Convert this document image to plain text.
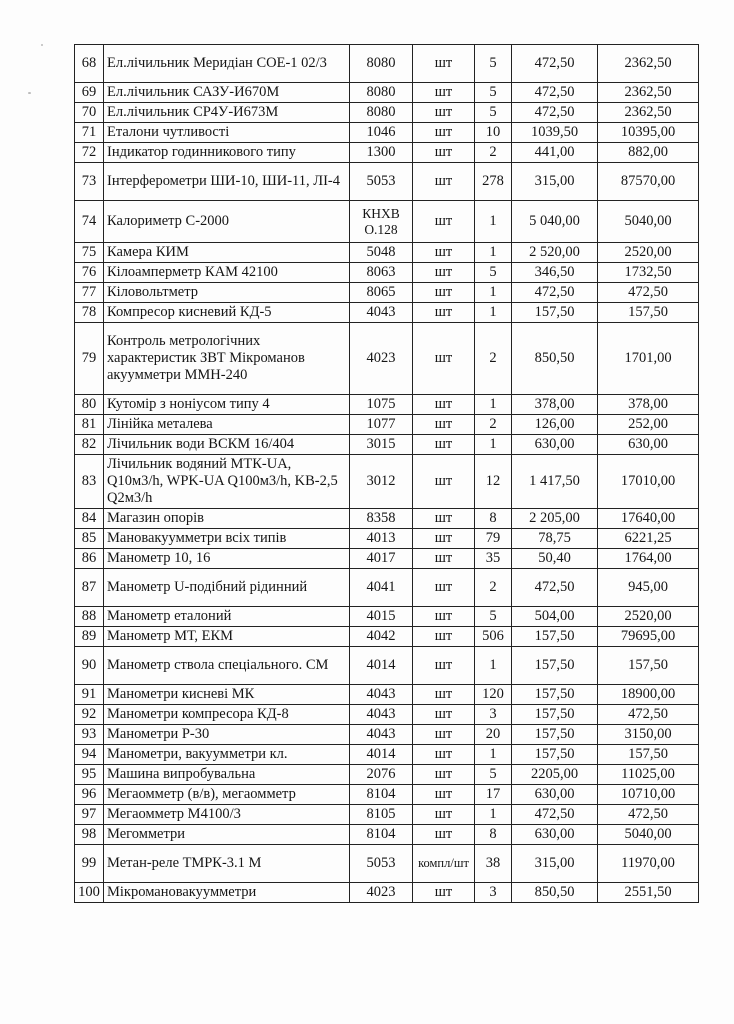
68	Ел.лічильник Меридіан СОЕ-1 02/3	8080	шт	5	472,50	2362,50
69	Ел.лічильник САЗУ-И670М	8080	шт	5	472,50	2362,50
70	Ел.лічильник СР4У-И673М	8080	шт	5	472,50	2362,50
71	Еталони чутливості	1046	шт	10	1039,50	10395,00
72	Індикатор годинникового типу	1300	шт	2	441,00	882,00
73	Інтерферометри ШИ-10, ШИ-11, ЛІ-4	5053	шт	278	315,00	87570,00
74	Калориметр С-2000	КНХВ О.128	шт	1	5 040,00	5040,00
75	Камера КИМ	5048	шт	1	2 520,00	2520,00
76	Кілоамперметр КАМ 42100	8063	шт	5	346,50	1732,50
77	Кіловольтметр	8065	шт	1	472,50	472,50
78	Компресор кисневий КД-5	4043	шт	1	157,50	157,50
79	Контроль метрологічних характеристик ЗВТ Мікроманов акуумметри ММН-240	4023	шт	2	850,50	1701,00
80	Кутомір з ноніусом типу 4	1075	шт	1	378,00	378,00
81	Лінійка металева	1077	шт	2	126,00	252,00
82	Лічильник води ВСКМ 16/404	3015	шт	1	630,00	630,00
83	Лічильник водяний МТК-UA, Q10м3/h, WPK-UA Q100м3/h, KB-2,5 Q2м3/h	3012	шт	12	1 417,50	17010,00
84	Магазин опорів	8358	шт	8	2 205,00	17640,00
85	Мановакуумметри всіх типів	4013	шт	79	78,75	6221,25
86	Манометр 10, 16	4017	шт	35	50,40	1764,00
87	Манометр U-подібний рідинний	4041	шт	2	472,50	945,00
88	Манометр еталоний	4015	шт	5	504,00	2520,00
89	Манометр МТ, ЕКМ	4042	шт	506	157,50	79695,00
90	Манометр ствола спеціального. СМ	4014	шт	1	157,50	157,50
91	Манометри кисневі МК	4043	шт	120	157,50	18900,00
92	Манометри компресора КД-8	4043	шт	3	157,50	472,50
93	Манометри Р-30	4043	шт	20	157,50	3150,00
94	Манометри, вакуумметри кл.	4014	шт	1	157,50	157,50
95	Машина випробувальна	2076	шт	5	2205,00	11025,00
96	Мегаомметр (в/в), мегаомметр	8104	шт	17	630,00	10710,00
97	Мегаомметр М4100/3	8105	шт	1	472,50	472,50
98	Мегомметри	8104	шт	8	630,00	5040,00
99	Метан-реле ТМРК-3.1 М	5053	компл/шт	38	315,00	11970,00
100	Мікромановакуумметри	4023	шт	3	850,50	2551,50
